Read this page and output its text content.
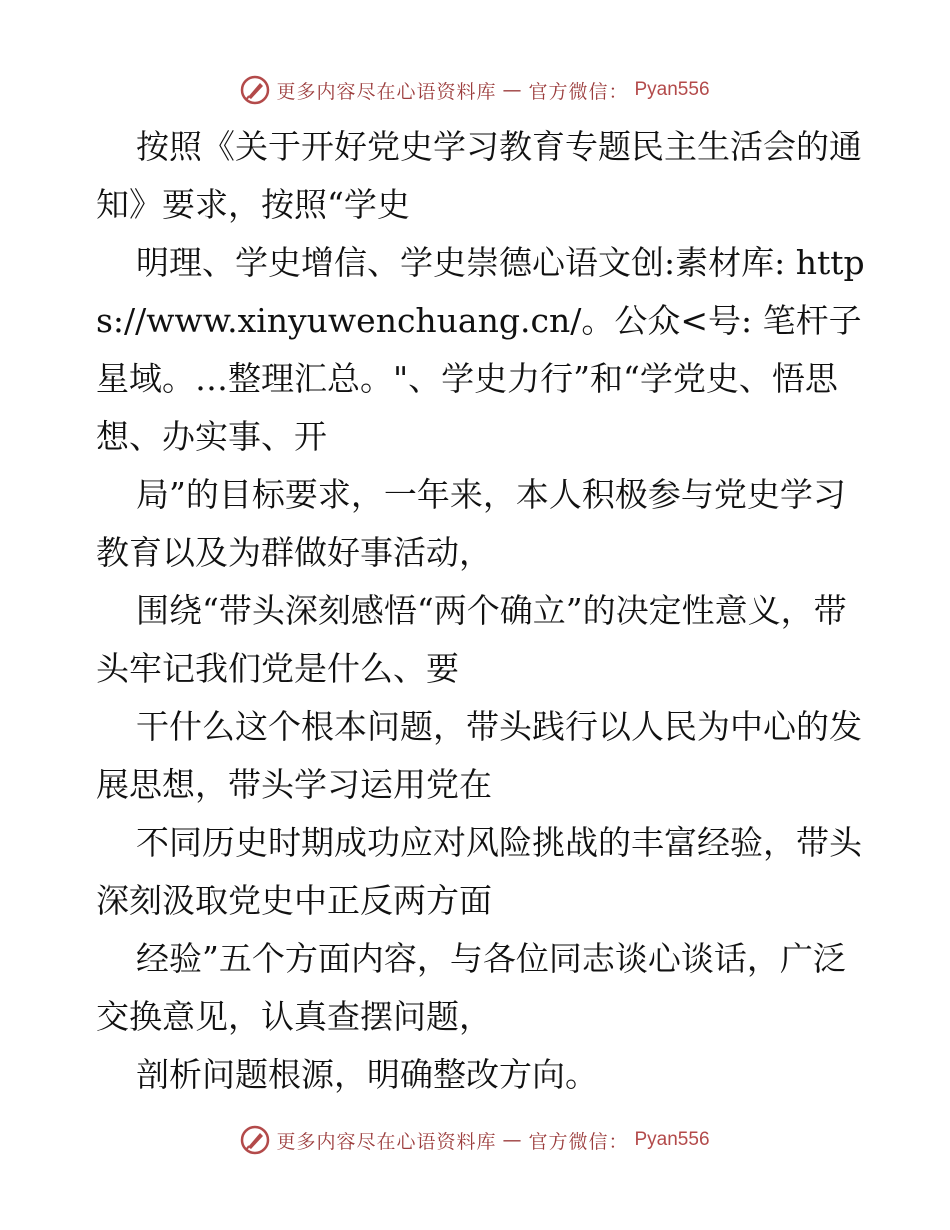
更多内容尽在心语资料库 — 官方微信： Pyan556

按照《关于开好党史学习教育专题民主生活会的通知》要求，按照“学史

明理、学史增信、学史崇德心语文创:素材库: https://www.xinyuwenchuang.cn/。公众<号: 笔杆子星域。…整理汇总。"、学史力行”和“学党史、悟思想、办实事、开

局”的目标要求，一年来，本人积极参与党史学习教育以及为群做好事活动，

围绕“带头深刻感悟“两个确立”的决定性意义，带头牢记我们党是什么、要

干什么这个根本问题，带头践行以人民为中心的发展思想，带头学习运用党在

不同历史时期成功应对风险挑战的丰富经验，带头深刻汲取党史中正反两方面

经验”五个方面内容，与各位同志谈心谈话，广泛交换意见，认真查摆问题，

剖析问题根源，明确整改方向。

更多内容尽在心语资料库 — 官方微信： Pyan556
